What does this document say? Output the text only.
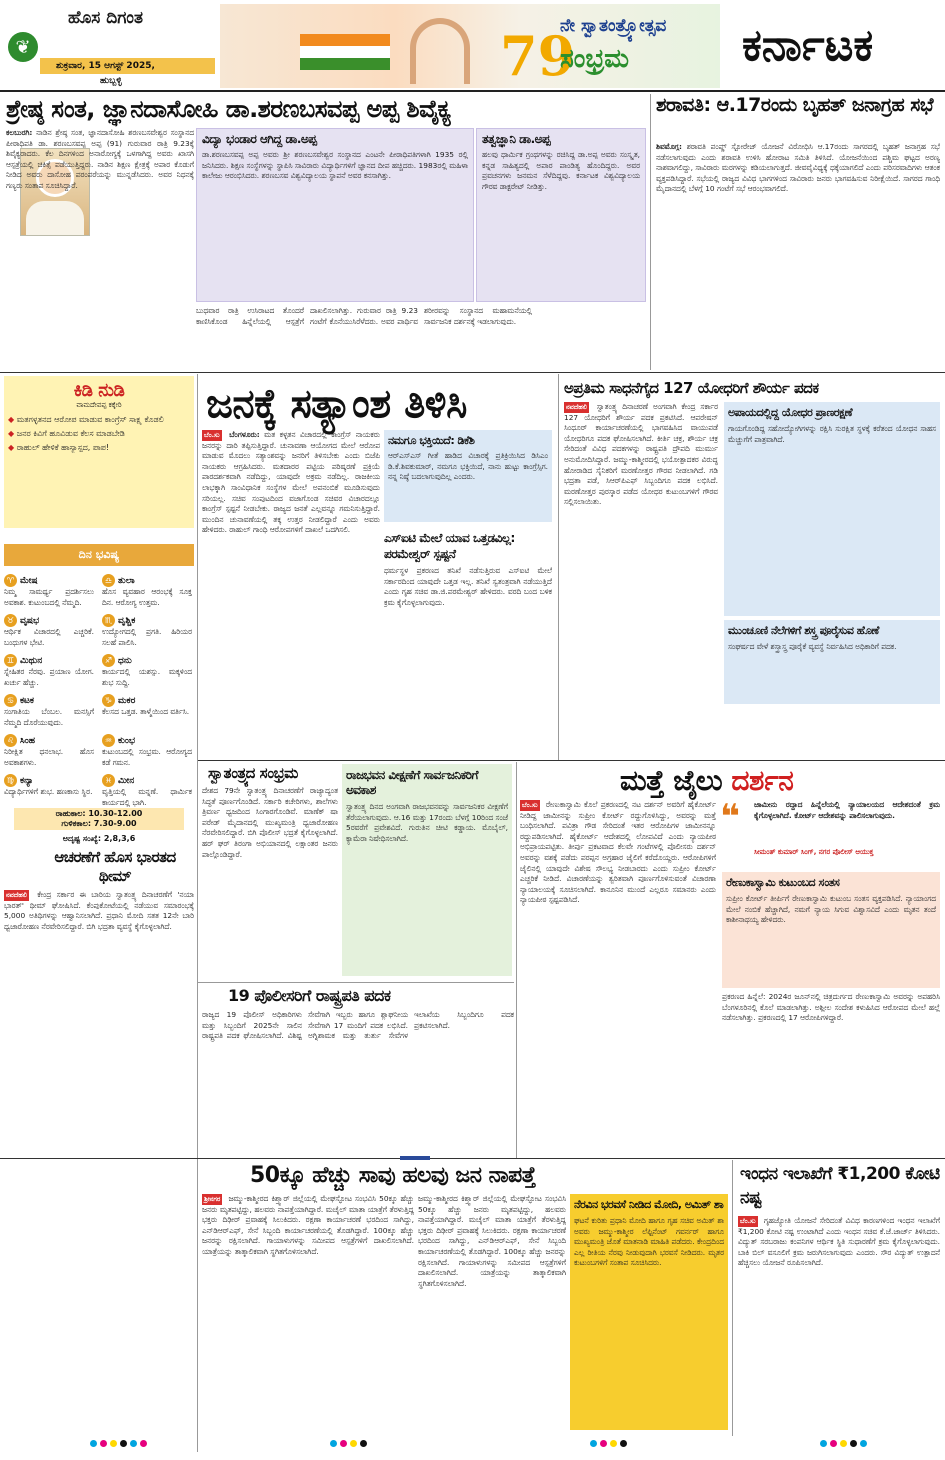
❦
ಹೊಸ ದಿಗಂತ
ಶುಕ್ರವಾರ, 15 ಆಗಸ್ಟ್ 2025,
ಹುಬ್ಬಳ್ಳಿ	79
ನೇ ಸ್ವಾತಂತ್ರ್ಯೋತ್ಸವ
ಸಂಭ್ರಮ	ಕರ್ನಾಟಕ
ಶ್ರೇಷ್ಠ ಸಂತ, ಜ್ಞಾನದಾಸೋಹಿ ಡಾ.ಶರಣಬಸವಪ್ಪ ಅಪ್ಪ ಶಿವೈಕ್ಯ
ಕಲಬುರಗಿ: ನಾಡಿನ ಶ್ರೇಷ್ಠ ಸಂತ, ಜ್ಞಾನದಾಸೋಹಿ ಶರಣಬಸವೇಶ್ವರ ಸಂಸ್ಥಾನದ ಪೀಠಾಧಿಪತಿ ಡಾ. ಶರಣಬಸವಪ್ಪ ಅಪ್ಪ (91) ಗುರುವಾರ ರಾತ್ರಿ 9.23ಕ್ಕೆ ಶಿವೈಕ್ಯರಾದರು. ಕೆಲ ದಿನಗಳಿಂದ ಅನಾರೋಗ್ಯಕ್ಕೆ ಒಳಗಾಗಿದ್ದ ಅವರು ಖಾಸಗಿ ಆಸ್ಪತ್ರೆಯಲ್ಲಿ ಚಿಕಿತ್ಸೆ ಪಡೆಯುತ್ತಿದ್ದರು. ನಾಡಿನ ಶಿಕ್ಷಣ ಕ್ಷೇತ್ರಕ್ಕೆ ಅಪಾರ ಕೊಡುಗೆ ನೀಡಿದ ಅವರು ದಾಸೋಹ ಪರಂಪರೆಯನ್ನು ಮುನ್ನಡೆಸಿದರು. ಅವರ ನಿಧನಕ್ಕೆ ಗಣ್ಯರು ಸಂತಾಪ ಸೂಚಿಸಿದ್ದಾರೆ.
ವಿದ್ಯಾ ಭಂಡಾರ ಆಗಿದ್ದ ಡಾ.ಅಪ್ಪ
ಡಾ.ಶರಣಬಸವಪ್ಪ ಅಪ್ಪ ಅವರು ಶ್ರೀ ಶರಣಬಸವೇಶ್ವರ ಸಂಸ್ಥಾನದ ಎಂಟನೇ ಪೀಠಾಧಿಪತಿಗಳಾಗಿ 1935 ರಲ್ಲಿ ಜನಿಸಿದರು. ಶಿಕ್ಷಣ ಸಂಸ್ಥೆಗಳನ್ನು ಸ್ಥಾಪಿಸಿ ಸಾವಿರಾರು ವಿದ್ಯಾರ್ಥಿಗಳಿಗೆ ಜ್ಞಾನದ ದೀಪ ಹಚ್ಚಿದರು. 1983ರಲ್ಲಿ ಮಹಿಳಾ ಕಾಲೇಜು ಆರಂಭಿಸಿದರು. ಶರಣಬಸವ ವಿಶ್ವವಿದ್ಯಾಲಯ ಸ್ಥಾಪನೆ ಅವರ ಕನಸಾಗಿತ್ತು.
ತತ್ವಜ್ಞಾನಿ ಡಾ.ಅಪ್ಪ
ಹಲವು ಧಾರ್ಮಿಕ ಗ್ರಂಥಗಳನ್ನು ರಚಿಸಿದ್ದ ಡಾ.ಅಪ್ಪ ಅವರು ಸಂಸ್ಕೃತ, ಕನ್ನಡ ಸಾಹಿತ್ಯದಲ್ಲಿ ಅಪಾರ ಪಾಂಡಿತ್ಯ ಹೊಂದಿದ್ದರು. ಅವರ ಪ್ರವಚನಗಳು ಜನಮನ ಸೆಳೆದಿದ್ದವು. ಕರ್ನಾಟಕ ವಿಶ್ವವಿದ್ಯಾಲಯ ಗೌರವ ಡಾಕ್ಟರೇಟ್ ನೀಡಿತ್ತು.
ಬುಧವಾರ ರಾತ್ರಿ ಉಸಿರಾಟದ ತೊಂದರೆ ಕಾಣಿಸಿಕೊಂಡ ಹಿನ್ನೆಲೆಯಲ್ಲಿ ಆಸ್ಪತ್ರೆಗೆ ದಾಖಲಿಸಲಾಗಿತ್ತು. ಗುರುವಾರ ರಾತ್ರಿ 9.23 ಗಂಟೆಗೆ ಕೊನೆಯುಸಿರೆಳೆದರು. ಅವರ ಪಾರ್ಥಿವ ಶರೀರವನ್ನು ಸಂಸ್ಥಾನದ ಮಹಾಮನೆಯಲ್ಲಿ ಸಾರ್ವಜನಿಕ ದರ್ಶನಕ್ಕೆ ಇಡಲಾಗುವುದು.
ಶರಾವತಿ: ಆ.17ರಂದು ಬೃಹತ್ ಜನಾಗ್ರಹ ಸಭೆ
ಶಿವಮೊಗ್ಗ: ಶರಾವತಿ ಪಂಪ್ಡ್ ಸ್ಟೋರೇಜ್ ಯೋಜನೆ ವಿರೋಧಿಸಿ ಆ.17ರಂದು ಸಾಗರದಲ್ಲಿ ಬೃಹತ್ ಜನಾಗ್ರಹ ಸಭೆ ನಡೆಸಲಾಗುವುದು ಎಂದು ಶರಾವತಿ ಉಳಿಸಿ ಹೋರಾಟ ಸಮಿತಿ ತಿಳಿಸಿದೆ. ಯೋಜನೆಯಿಂದ ಪಶ್ಚಿಮ ಘಟ್ಟದ ಅರಣ್ಯ ನಾಶವಾಗಲಿದ್ದು, ಸಾವಿರಾರು ಮರಗಳನ್ನು ಕಡಿಯಲಾಗುತ್ತದೆ. ಜೀವವೈವಿಧ್ಯಕ್ಕೆ ಧಕ್ಕೆಯಾಗಲಿದೆ ಎಂದು ಪರಿಸರವಾದಿಗಳು ಆತಂಕ ವ್ಯಕ್ತಪಡಿಸಿದ್ದಾರೆ. ಸಭೆಯಲ್ಲಿ ರಾಜ್ಯದ ವಿವಿಧ ಭಾಗಗಳಿಂದ ಸಾವಿರಾರು ಜನರು ಭಾಗವಹಿಸುವ ನಿರೀಕ್ಷೆಯಿದೆ. ಸಾಗರದ ಗಾಂಧಿ ಮೈದಾನದಲ್ಲಿ ಬೆಳಗ್ಗೆ 10 ಗಂಟೆಗೆ ಸಭೆ ಆರಂಭವಾಗಲಿದೆ.
ಕಿಡಿ ನುಡಿ
ವಾಮದೇವಪ್ಪ ಕಕ್ಕೇರಿ
◆ ಮತಗಳ್ಳತನದ ಆರೋಪ ಮಾಡುವ ಕಾಂಗ್ರೆಸ್‌ ಸಾಕ್ಷ್ಯ ಕೊಡಲಿ
◆ ಜನರ ಕಿವಿಗೆ ಹೂವಿಡುವ ಕೆಲಸ ಮಾಡಬೇಡಿ
◆ ರಾಹುಲ್‌ ಹೇಳಿಕೆ ಹಾಸ್ಯಾಸ್ಪದ, ಪಾಪ!
ದಿನ ಭವಿಷ್ಯ
♈ ಮೇಷ
ನಿಮ್ಮ ಸಾಮರ್ಥ್ಯ ಪ್ರದರ್ಶಿಸಲು ಅವಕಾಶ. ಕುಟುಂಬದಲ್ಲಿ ನೆಮ್ಮದಿ.
♎ ತುಲಾ
ಹೊಸ ವ್ಯವಹಾರ ಆರಂಭಕ್ಕೆ ಸೂಕ್ತ ದಿನ. ಆರೋಗ್ಯ ಉತ್ತಮ.
♉ ವೃಷಭ
ಆರ್ಥಿಕ ವಿಚಾರದಲ್ಲಿ ಎಚ್ಚರಿಕೆ. ಬಂಧುಗಳ ಭೇಟಿ.
♏ ವೃಶ್ಚಿಕ
ಉದ್ಯೋಗದಲ್ಲಿ ಪ್ರಗತಿ. ಹಿರಿಯರ ಸಲಹೆ ಪಾಲಿಸಿ.
♊ ಮಿಥುನ
ಸ್ನೇಹಿತರ ನೆರವು. ಪ್ರಯಾಣ ಯೋಗ. ಖರ್ಚು ಹೆಚ್ಚು.
♐ ಧನು
ಕಾರ್ಯದಲ್ಲಿ ಯಶಸ್ಸು. ಮಕ್ಕಳಿಂದ ಶುಭ ಸುದ್ದಿ.
♋ ಕಟಕ
ಸಂಗಾತಿಯ ಬೆಂಬಲ. ಮನಸ್ಸಿಗೆ ನೆಮ್ಮದಿ ದೊರೆಯುವುದು.
♑ ಮಕರ
ಕೆಲಸದ ಒತ್ತಡ. ತಾಳ್ಮೆಯಿಂದ ವರ್ತಿಸಿ.
♌ ಸಿಂಹ
ನಿರೀಕ್ಷಿತ ಧನಲಾಭ. ಹೊಸ ಅವಕಾಶಗಳು.
♒ ಕುಂಭ
ಕುಟುಂಬದಲ್ಲಿ ಸಂಭ್ರಮ. ಆರೋಗ್ಯದ ಕಡೆ ಗಮನ.
♍ ಕನ್ಯಾ
ವಿದ್ಯಾರ್ಥಿಗಳಿಗೆ ಶುಭ. ಹಣಕಾಸು ಸ್ಥಿರ.
♓ ಮೀನ
ವೃತ್ತಿಯಲ್ಲಿ ಮನ್ನಣೆ. ಧಾರ್ಮಿಕ ಕಾರ್ಯದಲ್ಲಿ ಭಾಗಿ.
ರಾಹುಕಾಲ: 10.30-12.00
ಗುಳಿಕಕಾಲ: 7.30-9.00
ಅದೃಷ್ಟ ಸಂಖ್ಯೆ: 2,8,3,6
ಜನಕ್ಕೆ ಸತ್ಯಾಂಶ ತಿಳಿಸಿ
ಬೆಂ.ಸು ಬೆಂಗಳೂರು: ಮತ ಕಳ್ಳತನ ವಿಚಾರದಲ್ಲಿ ಕಾಂಗ್ರೆಸ್‌ ನಾಯಕರು ಜನರನ್ನು ದಾರಿ ತಪ್ಪಿಸುತ್ತಿದ್ದಾರೆ. ಚುನಾವಣಾ ಆಯೋಗದ ಮೇಲೆ ಆರೋಪ ಮಾಡುವ ಮೊದಲು ಸತ್ಯಾಂಶವನ್ನು ಜನರಿಗೆ ತಿಳಿಸಬೇಕು ಎಂದು ಬಿಜೆಪಿ ನಾಯಕರು ಆಗ್ರಹಿಸಿದರು. ಮತದಾರರ ಪಟ್ಟಿಯ ಪರಿಷ್ಕರಣೆ ಪ್ರಕ್ರಿಯೆ ಪಾರದರ್ಶಕವಾಗಿ ನಡೆದಿದ್ದು, ಯಾವುದೇ ಅಕ್ರಮ ನಡೆದಿಲ್ಲ. ರಾಜಕೀಯ ಲಾಭಕ್ಕಾಗಿ ಸಾಂವಿಧಾನಿಕ ಸಂಸ್ಥೆಗಳ ಮೇಲೆ ಅಪನಂಬಿಕೆ ಮೂಡಿಸುವುದು ಸರಿಯಲ್ಲ. ಸಚಿವ ಸಂಪುಟದಿಂದ ವಜಾಗೊಂಡ ಸಚಿವರ ವಿಚಾರದಲ್ಲೂ ಕಾಂಗ್ರೆಸ್‌ ಸ್ಪಷ್ಟನೆ ನೀಡಬೇಕು. ರಾಜ್ಯದ ಜನತೆ ಎಲ್ಲವನ್ನೂ ಗಮನಿಸುತ್ತಿದ್ದಾರೆ. ಮುಂದಿನ ಚುನಾವಣೆಯಲ್ಲಿ ತಕ್ಕ ಉತ್ತರ ನೀಡಲಿದ್ದಾರೆ ಎಂದು ಅವರು ಹೇಳಿದರು. ರಾಹುಲ್‌ ಗಾಂಧಿ ಆರೋಪಗಳಿಗೆ ದಾಖಲೆ ಒದಗಿಸಲಿ.
ನಮಗೂ ಭಕ್ತಿಯಿದೆ: ಡಿಕೆಶಿ
ಆರ್‌ಎಸ್‌ಎಸ್‌ ಗೀತೆ ಹಾಡಿದ ವಿಚಾರಕ್ಕೆ ಪ್ರತಿಕ್ರಿಯಿಸಿದ ಡಿಸಿಎಂ ಡಿ.ಕೆ.ಶಿವಕುಮಾರ್‌, ನಮಗೂ ಭಕ್ತಿಯಿದೆ, ನಾನು ಹುಟ್ಟು ಕಾಂಗ್ರೆಸ್ಸಿಗ. ನನ್ನ ನಿಷ್ಠೆ ಬದಲಾಗುವುದಿಲ್ಲ ಎಂದರು.
ಎಸ್‌ಐಟಿ ಮೇಲೆ ಯಾವ ಒತ್ತಡವಿಲ್ಲ: ಪರಮೇಶ್ವರ್‌ ಸ್ಪಷ್ಟನೆ
ಧರ್ಮಸ್ಥಳ ಪ್ರಕರಣದ ತನಿಖೆ ನಡೆಸುತ್ತಿರುವ ಎಸ್‌ಐಟಿ ಮೇಲೆ ಸರ್ಕಾರದಿಂದ ಯಾವುದೇ ಒತ್ತಡ ಇಲ್ಲ. ತನಿಖೆ ಸ್ವತಂತ್ರವಾಗಿ ನಡೆಯುತ್ತಿದೆ ಎಂದು ಗೃಹ ಸಚಿವ ಡಾ.ಜಿ.ಪರಮೇಶ್ವರ್‌ ಹೇಳಿದರು. ವರದಿ ಬಂದ ಬಳಿಕ ಕ್ರಮ ಕೈಗೊಳ್ಳಲಾಗುವುದು.
ಅಪ್ರತಿಮ ಸಾಧನೆಗೈದ 127 ಯೋಧರಿಗೆ ಶೌರ್ಯ ಪದಕ
ನವದೆಹಲಿ ಸ್ವಾತಂತ್ರ್ಯ ದಿನಾಚರಣೆ ಅಂಗವಾಗಿ ಕೇಂದ್ರ ಸರ್ಕಾರ 127 ಯೋಧರಿಗೆ ಶೌರ್ಯ ಪದಕ ಪ್ರಕಟಿಸಿದೆ. ಆಪರೇಷನ್‌ ಸಿಂಧೂರ್‌ ಕಾರ್ಯಾಚರಣೆಯಲ್ಲಿ ಭಾಗವಹಿಸಿದ ವಾಯುಪಡೆ ಯೋಧರಿಗೂ ಪದಕ ಘೋಷಿಸಲಾಗಿದೆ. ಕೀರ್ತಿ ಚಕ್ರ, ಶೌರ್ಯ ಚಕ್ರ ಸೇರಿದಂತೆ ವಿವಿಧ ಪದಕಗಳನ್ನು ರಾಷ್ಟ್ರಪತಿ ದ್ರೌಪದಿ ಮುರ್ಮು ಅನುಮೋದಿಸಿದ್ದಾರೆ. ಜಮ್ಮು-ಕಾಶ್ಮೀರದಲ್ಲಿ ಭಯೋತ್ಪಾದಕರ ವಿರುದ್ಧ ಹೋರಾಡಿದ ಸೈನಿಕರಿಗೆ ಮರಣೋತ್ತರ ಗೌರವ ನೀಡಲಾಗಿದೆ. ಗಡಿ ಭದ್ರತಾ ಪಡೆ, ಸಿಆರ್‌ಪಿಎಫ್‌ ಸಿಬ್ಬಂದಿಗೂ ಪದಕ ಲಭಿಸಿದೆ. ಮರಣೋತ್ತರ ಪುರಸ್ಕಾರ ಪಡೆದ ಯೋಧರ ಕುಟುಂಬಗಳಿಗೆ ಗೌರವ ಸಲ್ಲಿಸಲಾಯಿತು.
ಅಪಾಯದಲ್ಲಿದ್ದ ಯೋಧರ ಪ್ರಾಣರಕ್ಷಣೆ
ಗಾಯಗೊಂಡಿದ್ದ ಸಹೋದ್ಯೋಗಿಗಳನ್ನು ರಕ್ಷಿಸಿ ಸುರಕ್ಷಿತ ಸ್ಥಳಕ್ಕೆ ಕರೆತಂದ ಯೋಧನ ಸಾಹಸ ಮೆಚ್ಚುಗೆಗೆ ಪಾತ್ರವಾಗಿದೆ.
ಮುಂಚೂಣಿ ನೆಲೆಗಳಿಗೆ ಶಸ್ತ್ರ ಪೂರೈಸುವ ಹೊಣೆ
ಸಂಘರ್ಷದ ವೇಳೆ ಶಸ್ತ್ರಾಸ್ತ್ರ ಪೂರೈಕೆ ವ್ಯವಸ್ಥೆ ನಿರ್ವಹಿಸಿದ ಅಧಿಕಾರಿಗೆ ಪದಕ.
ಸ್ವಾತಂತ್ರ್ಯದ ಸಂಭ್ರಮ
ದೇಶದ 79ನೇ ಸ್ವಾತಂತ್ರ್ಯ ದಿನಾಚರಣೆಗೆ ರಾಜ್ಯಾದ್ಯಂತ ಸಿದ್ಧತೆ ಪೂರ್ಣಗೊಂಡಿದೆ. ಸರ್ಕಾರಿ ಕಚೇರಿಗಳು, ಶಾಲೆಗಳು ತ್ರಿವರ್ಣ ಧ್ವಜದಿಂದ ಸಿಂಗಾರಗೊಂಡಿವೆ. ಮಾಣೆಕ್‌ ಷಾ ಪರೇಡ್‌ ಮೈದಾನದಲ್ಲಿ ಮುಖ್ಯಮಂತ್ರಿ ಧ್ವಜಾರೋಹಣ ನೆರವೇರಿಸಲಿದ್ದಾರೆ. ಬಿಗಿ ಪೊಲೀಸ್‌ ಭದ್ರತೆ ಕೈಗೊಳ್ಳಲಾಗಿದೆ. ಹರ್‌ ಘರ್‌ ತಿರಂಗಾ ಅಭಿಯಾನದಲ್ಲಿ ಲಕ್ಷಾಂತರ ಜನರು ಪಾಲ್ಗೊಂಡಿದ್ದಾರೆ.
ರಾಜಭವನ ವೀಕ್ಷಣೆಗೆ ಸಾರ್ವಜನಿಕರಿಗೆ ಅವಕಾಶ
ಸ್ವಾತಂತ್ರ್ಯ ದಿನದ ಅಂಗವಾಗಿ ರಾಜಭವನವನ್ನು ಸಾರ್ವಜನಿಕರ ವೀಕ್ಷಣೆಗೆ ತೆರೆಯಲಾಗುವುದು. ಆ.16 ಮತ್ತು 17ರಂದು ಬೆಳಗ್ಗೆ 10ರಿಂದ ಸಂಜೆ 5ರವರೆಗೆ ಪ್ರವೇಶವಿದೆ. ಗುರುತಿನ ಚೀಟಿ ಕಡ್ಡಾಯ. ಮೊಬೈಲ್‌, ಕ್ಯಾಮೆರಾ ನಿಷೇಧಿಸಲಾಗಿದೆ.
19 ಪೊಲೀಸರಿಗೆ ರಾಷ್ಟ್ರಪತಿ ಪದಕ
ರಾಜ್ಯದ 19 ಪೊಲೀಸ್‌ ಅಧಿಕಾರಿಗಳು ಮತ್ತು ಸಿಬ್ಬಂದಿಗೆ 2025ನೇ ಸಾಲಿನ ರಾಷ್ಟ್ರಪತಿ ಪದಕ ಘೋಷಿಸಲಾಗಿದೆ. ವಿಶಿಷ್ಟ ಸೇವೆಗಾಗಿ ಇಬ್ಬರು ಹಾಗೂ ಶ್ಲಾಘನೀಯ ಸೇವೆಗಾಗಿ 17 ಮಂದಿಗೆ ಪದಕ ಲಭಿಸಿದೆ. ಅಗ್ನಿಶಾಮಕ ಮತ್ತು ತುರ್ತು ಸೇವೆಗಳ ಇಲಾಖೆಯ ಸಿಬ್ಬಂದಿಗೂ ಪದಕ ಪ್ರಕಟಿಸಲಾಗಿದೆ.
ಮತ್ತೆ ಜೈಲು ದರ್ಶನ
ಬೆಂ.ಸು ರೇಣುಕಾಸ್ವಾಮಿ ಕೊಲೆ ಪ್ರಕರಣದಲ್ಲಿ ನಟ ದರ್ಶನ್‌ ಅವರಿಗೆ ಹೈಕೋರ್ಟ್‌ ನೀಡಿದ್ದ ಜಾಮೀನನ್ನು ಸುಪ್ರೀಂ ಕೋರ್ಟ್‌ ರದ್ದುಗೊಳಿಸಿದ್ದು, ಅವರನ್ನು ಮತ್ತೆ ಬಂಧಿಸಲಾಗಿದೆ. ಪವಿತ್ರಾ ಗೌಡ ಸೇರಿದಂತೆ ಇತರ ಆರೋಪಿಗಳ ಜಾಮೀನನ್ನೂ ರದ್ದುಪಡಿಸಲಾಗಿದೆ. ಹೈಕೋರ್ಟ್‌ ಆದೇಶದಲ್ಲಿ ಲೋಪವಿದೆ ಎಂದು ನ್ಯಾಯಪೀಠ ಅಭಿಪ್ರಾಯಪಟ್ಟಿತು. ತೀರ್ಪು ಪ್ರಕಟವಾದ ಕೆಲವೇ ಗಂಟೆಗಳಲ್ಲಿ ಪೊಲೀಸರು ದರ್ಶನ್‌ ಅವರನ್ನು ವಶಕ್ಕೆ ಪಡೆದು ಪರಪ್ಪನ ಅಗ್ರಹಾರ ಜೈಲಿಗೆ ಕರೆದೊಯ್ದರು. ಆರೋಪಿಗಳಿಗೆ ಜೈಲಿನಲ್ಲಿ ಯಾವುದೇ ವಿಶೇಷ ಸೌಲಭ್ಯ ನೀಡಬಾರದು ಎಂದು ಸುಪ್ರೀಂ ಕೋರ್ಟ್‌ ಎಚ್ಚರಿಕೆ ನೀಡಿದೆ. ವಿಚಾರಣೆಯನ್ನು ತ್ವರಿತವಾಗಿ ಪೂರ್ಣಗೊಳಿಸುವಂತೆ ವಿಚಾರಣಾ ನ್ಯಾಯಾಲಯಕ್ಕೆ ಸೂಚಿಸಲಾಗಿದೆ. ಕಾನೂನಿನ ಮುಂದೆ ಎಲ್ಲರೂ ಸಮಾನರು ಎಂದು ನ್ಯಾಯಪೀಠ ಸ್ಪಷ್ಟಪಡಿಸಿದೆ.
❝ ಜಾಮೀನು ರದ್ದಾದ ಹಿನ್ನೆಲೆಯಲ್ಲಿ ನ್ಯಾಯಾಲಯದ ಆದೇಶದಂತೆ ಕ್ರಮ ಕೈಗೊಳ್ಳಲಾಗಿದೆ. ಕೋರ್ಟ್‌ ಆದೇಶವನ್ನು ಪಾಲಿಸಲಾಗುವುದು.
ಸೀಮಂತ್‌ ಕುಮಾರ್‌ ಸಿಂಗ್‌, ನಗರ ಪೊಲೀಸ್‌ ಆಯುಕ್ತ
ರೇಣುಕಾಸ್ವಾಮಿ ಕುಟುಂಬದ ಸಂತಸ
ಸುಪ್ರೀಂ ಕೋರ್ಟ್‌ ತೀರ್ಪಿಗೆ ರೇಣುಕಾಸ್ವಾಮಿ ಕುಟುಂಬ ಸಂತಸ ವ್ಯಕ್ತಪಡಿಸಿದೆ. ನ್ಯಾಯಾಂಗದ ಮೇಲೆ ನಂಬಿಕೆ ಹೆಚ್ಚಾಗಿದೆ, ನಮಗೆ ನ್ಯಾಯ ಸಿಗುವ ವಿಶ್ವಾಸವಿದೆ ಎಂದು ಮೃತನ ತಂದೆ ಕಾಶೀನಾಥಯ್ಯ ಹೇಳಿದರು.
ಪ್ರಕರಣದ ಹಿನ್ನೆಲೆ: 2024ರ ಜೂನ್‌ನಲ್ಲಿ ಚಿತ್ರದುರ್ಗದ ರೇಣುಕಾಸ್ವಾಮಿ ಅವರನ್ನು ಅಪಹರಿಸಿ ಬೆಂಗಳೂರಿನಲ್ಲಿ ಕೊಲೆ ಮಾಡಲಾಗಿತ್ತು. ಅಶ್ಲೀಲ ಸಂದೇಶ ಕಳುಹಿಸಿದ ಆರೋಪದ ಮೇಲೆ ಹಲ್ಲೆ ನಡೆಸಲಾಗಿತ್ತು. ಪ್ರಕರಣದಲ್ಲಿ 17 ಆರೋಪಿಗಳಿದ್ದಾರೆ.
ಆಚರಣೆಗೆ ಹೊಸ ಭಾರತದ ಥೀಮ್‌
ನವದೆಹಲಿ ಕೇಂದ್ರ ಸರ್ಕಾರ ಈ ಬಾರಿಯ ಸ್ವಾತಂತ್ರ್ಯ ದಿನಾಚರಣೆಗೆ 'ನಯಾ ಭಾರತ್‌' ಥೀಮ್‌ ಘೋಷಿಸಿದೆ. ಕೆಂಪುಕೋಟೆಯಲ್ಲಿ ನಡೆಯುವ ಸಮಾರಂಭಕ್ಕೆ 5,000 ಅತಿಥಿಗಳನ್ನು ಆಹ್ವಾನಿಸಲಾಗಿದೆ. ಪ್ರಧಾನಿ ಮೋದಿ ಸತತ 12ನೇ ಬಾರಿ ಧ್ವಜಾರೋಹಣ ನೆರವೇರಿಸಲಿದ್ದಾರೆ. ಬಿಗಿ ಭದ್ರತಾ ವ್ಯವಸ್ಥೆ ಕೈಗೊಳ್ಳಲಾಗಿದೆ.
50ಕ್ಕೂ ಹೆಚ್ಚು ಸಾವು ಹಲವು ಜನ ನಾಪತ್ತೆ
ಶ್ರೀನಗರ ಜಮ್ಮು-ಕಾಶ್ಮೀರದ ಕಿಶ್ತ್ವಾರ್‌ ಜಿಲ್ಲೆಯಲ್ಲಿ ಮೇಘಸ್ಫೋಟ ಸಂಭವಿಸಿ 50ಕ್ಕೂ ಹೆಚ್ಚು ಜನರು ಮೃತಪಟ್ಟಿದ್ದು, ಹಲವರು ನಾಪತ್ತೆಯಾಗಿದ್ದಾರೆ. ಮಚೈಲ್‌ ಮಾತಾ ಯಾತ್ರೆಗೆ ತೆರಳುತ್ತಿದ್ದ ಭಕ್ತರು ದಿಢೀರ್‌ ಪ್ರವಾಹಕ್ಕೆ ಸಿಲುಕಿದರು. ರಕ್ಷಣಾ ಕಾರ್ಯಾಚರಣೆ ಭರದಿಂದ ಸಾಗಿದ್ದು, ಎನ್‌ಡಿಆರ್‌ಎಫ್‌, ಸೇನೆ ಸಿಬ್ಬಂದಿ ಕಾರ್ಯಾಚರಣೆಯಲ್ಲಿ ತೊಡಗಿದ್ದಾರೆ. 100ಕ್ಕೂ ಹೆಚ್ಚು ಜನರನ್ನು ರಕ್ಷಿಸಲಾಗಿದೆ. ಗಾಯಾಳುಗಳನ್ನು ಸಮೀಪದ ಆಸ್ಪತ್ರೆಗಳಿಗೆ ದಾಖಲಿಸಲಾಗಿದೆ. ಯಾತ್ರೆಯನ್ನು ತಾತ್ಕಾಲಿಕವಾಗಿ ಸ್ಥಗಿತಗೊಳಿಸಲಾಗಿದೆ.
ನೆರವಿನ ಭರವಸೆ ನೀಡಿದ ಮೋದಿ, ಅಮಿತ್‌ ಶಾ
ಘಟನೆ ಕುರಿತು ಪ್ರಧಾನಿ ಮೋದಿ ಹಾಗೂ ಗೃಹ ಸಚಿವ ಅಮಿತ್‌ ಶಾ ಅವರು ಜಮ್ಮು-ಕಾಶ್ಮೀರ ಲೆಫ್ಟಿನೆಂಟ್‌ ಗವರ್ನರ್‌ ಹಾಗೂ ಮುಖ್ಯಮಂತ್ರಿ ಜೊತೆ ಮಾತನಾಡಿ ಮಾಹಿತಿ ಪಡೆದರು. ಕೇಂದ್ರದಿಂದ ಎಲ್ಲ ರೀತಿಯ ನೆರವು ನೀಡುವುದಾಗಿ ಭರವಸೆ ನೀಡಿದರು. ಮೃತರ ಕುಟುಂಬಗಳಿಗೆ ಸಂತಾಪ ಸೂಚಿಸಿದರು.
ಜಮ್ಮು-ಕಾಶ್ಮೀರದ ಕಿಶ್ತ್ವಾರ್‌ ಜಿಲ್ಲೆಯಲ್ಲಿ ಮೇಘಸ್ಫೋಟ ಸಂಭವಿಸಿ 50ಕ್ಕೂ ಹೆಚ್ಚು ಜನರು ಮೃತಪಟ್ಟಿದ್ದು, ಹಲವರು ನಾಪತ್ತೆಯಾಗಿದ್ದಾರೆ. ಮಚೈಲ್‌ ಮಾತಾ ಯಾತ್ರೆಗೆ ತೆರಳುತ್ತಿದ್ದ ಭಕ್ತರು ದಿಢೀರ್‌ ಪ್ರವಾಹಕ್ಕೆ ಸಿಲುಕಿದರು. ರಕ್ಷಣಾ ಕಾರ್ಯಾಚರಣೆ ಭರದಿಂದ ಸಾಗಿದ್ದು, ಎನ್‌ಡಿಆರ್‌ಎಫ್‌, ಸೇನೆ ಸಿಬ್ಬಂದಿ ಕಾರ್ಯಾಚರಣೆಯಲ್ಲಿ ತೊಡಗಿದ್ದಾರೆ. 100ಕ್ಕೂ ಹೆಚ್ಚು ಜನರನ್ನು ರಕ್ಷಿಸಲಾಗಿದೆ. ಗಾಯಾಳುಗಳನ್ನು ಸಮೀಪದ ಆಸ್ಪತ್ರೆಗಳಿಗೆ ದಾಖಲಿಸಲಾಗಿದೆ. ಯಾತ್ರೆಯನ್ನು ತಾತ್ಕಾಲಿಕವಾಗಿ ಸ್ಥಗಿತಗೊಳಿಸಲಾಗಿದೆ.
ಇಂಧನ ಇಲಾಖೆಗೆ ₹1,200 ಕೋಟಿ ನಷ್ಟ
ಬೆಂ.ಸು ಗೃಹಜ್ಯೋತಿ ಯೋಜನೆ ಸೇರಿದಂತೆ ವಿವಿಧ ಕಾರಣಗಳಿಂದ ಇಂಧನ ಇಲಾಖೆಗೆ ₹1,200 ಕೋಟಿ ನಷ್ಟ ಉಂಟಾಗಿದೆ ಎಂದು ಇಂಧನ ಸಚಿವ ಕೆ.ಜೆ.ಜಾರ್ಜ್‌ ತಿಳಿಸಿದರು. ವಿದ್ಯುತ್‌ ಸರಬರಾಜು ಕಂಪನಿಗಳ ಆರ್ಥಿಕ ಸ್ಥಿತಿ ಸುಧಾರಣೆಗೆ ಕ್ರಮ ಕೈಗೊಳ್ಳಲಾಗುವುದು. ಬಾಕಿ ಬಿಲ್‌ ವಸೂಲಿಗೆ ಕ್ರಮ ಜರುಗಿಸಲಾಗುವುದು ಎಂದರು. ಸೌರ ವಿದ್ಯುತ್‌ ಉತ್ಪಾದನೆ ಹೆಚ್ಚಿಸಲು ಯೋಜನೆ ರೂಪಿಸಲಾಗಿದೆ.
